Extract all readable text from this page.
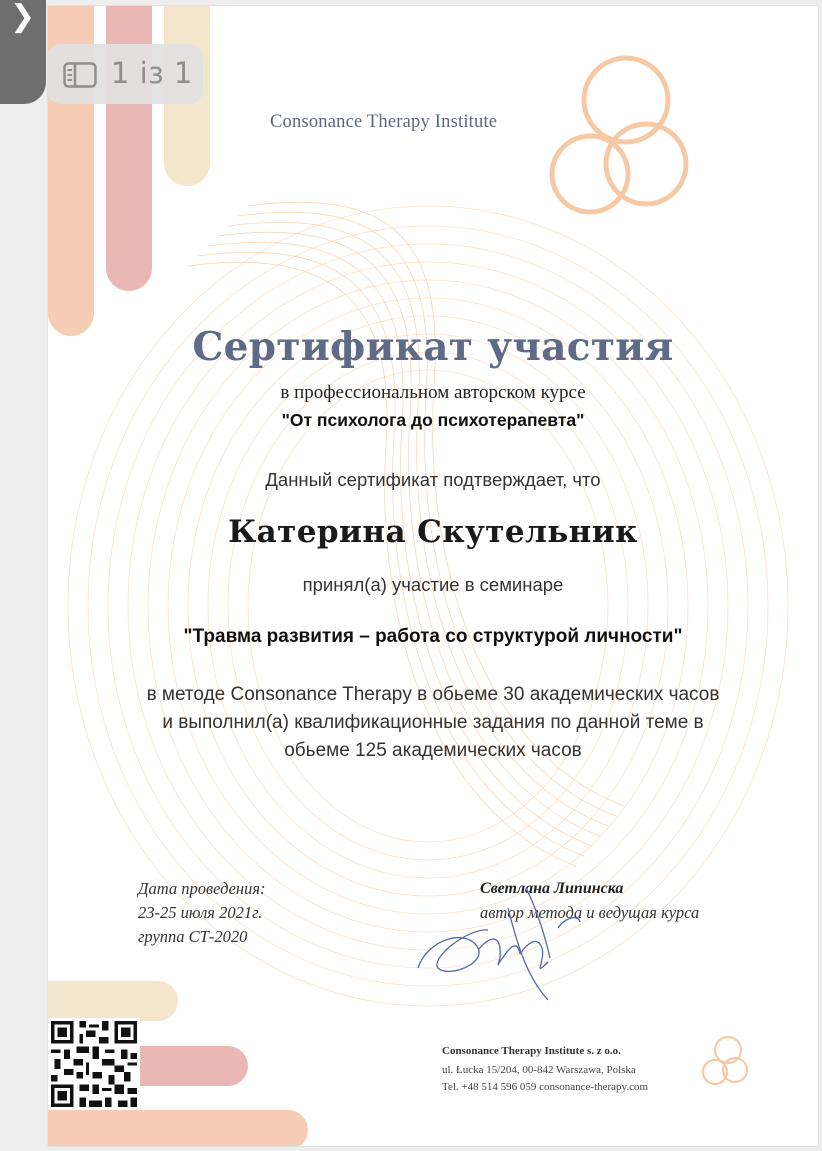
Consonance Therapy Institute
Сертификат участия
в профессиональном авторском курсе
"От психолога до психотерапевта"
Данный сертификат подтверждает, что
Катерина Скутельник
принял(а) участие в семинаре
"Травма развития – работа со структурой личности"
в методе Consonance Therapy в обьеме 30 академических часов
и выполнил(а) квалификационные задания по данной теме в
обьеме 125 академических часов
Дата проведения:
23-25 июля 2021г.
группа СТ-2020
Светлана Липинска
автор метода и ведущая курса
Consonance Therapy Institute s. z o.o.
ul. Łucka 15/204, 00-842 Warszawa, Polska
Tel. +48 514 596 059 consonance-therapy.com
❯
1 із 1
